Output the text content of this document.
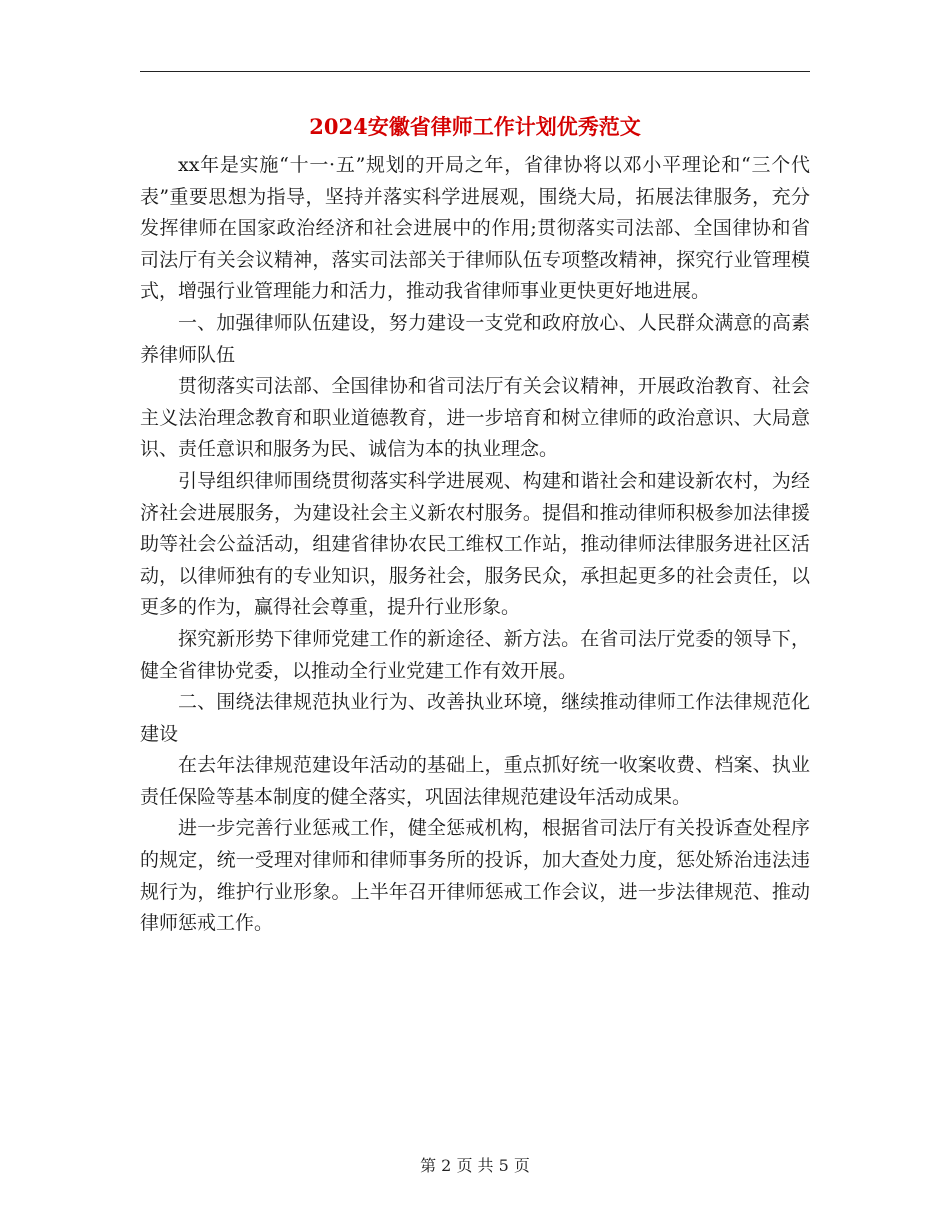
2024安徽省律师工作计划优秀范文

xx年是实施“十一·五”规划的开局之年，省律协将以邓小平理论和“三个代表”重要思想为指导，坚持并落实科学进展观，围绕大局，拓展法律服务，充分发挥律师在国家政治经济和社会进展中的作用;贯彻落实司法部、全国律协和省司法厅有关会议精神，落实司法部关于律师队伍专项整改精神，探究行业管理模式，增强行业管理能力和活力，推动我省律师事业更快更好地进展。

一、加强律师队伍建设，努力建设一支党和政府放心、人民群众满意的高素养律师队伍

贯彻落实司法部、全国律协和省司法厅有关会议精神，开展政治教育、社会主义法治理念教育和职业道德教育，进一步培育和树立律师的政治意识、大局意识、责任意识和服务为民、诚信为本的执业理念。

引导组织律师围绕贯彻落实科学进展观、构建和谐社会和建设新农村，为经济社会进展服务，为建设社会主义新农村服务。提倡和推动律师积极参加法律援助等社会公益活动，组建省律协农民工维权工作站，推动律师法律服务进社区活动，以律师独有的专业知识，服务社会，服务民众，承担起更多的社会责任，以更多的作为，赢得社会尊重，提升行业形象。

探究新形势下律师党建工作的新途径、新方法。在省司法厅党委的领导下，健全省律协党委，以推动全行业党建工作有效开展。

二、围绕法律规范执业行为、改善执业环境，继续推动律师工作法律规范化建设

在去年法律规范建设年活动的基础上，重点抓好统一收案收费、档案、执业责任保险等基本制度的健全落实，巩固法律规范建设年活动成果。

进一步完善行业惩戒工作，健全惩戒机构，根据省司法厅有关投诉查处程序的规定，统一受理对律师和律师事务所的投诉，加大查处力度，惩处矫治违法违规行为，维护行业形象。上半年召开律师惩戒工作会议，进一步法律规范、推动律师惩戒工作。

第 2 页 共 5 页
